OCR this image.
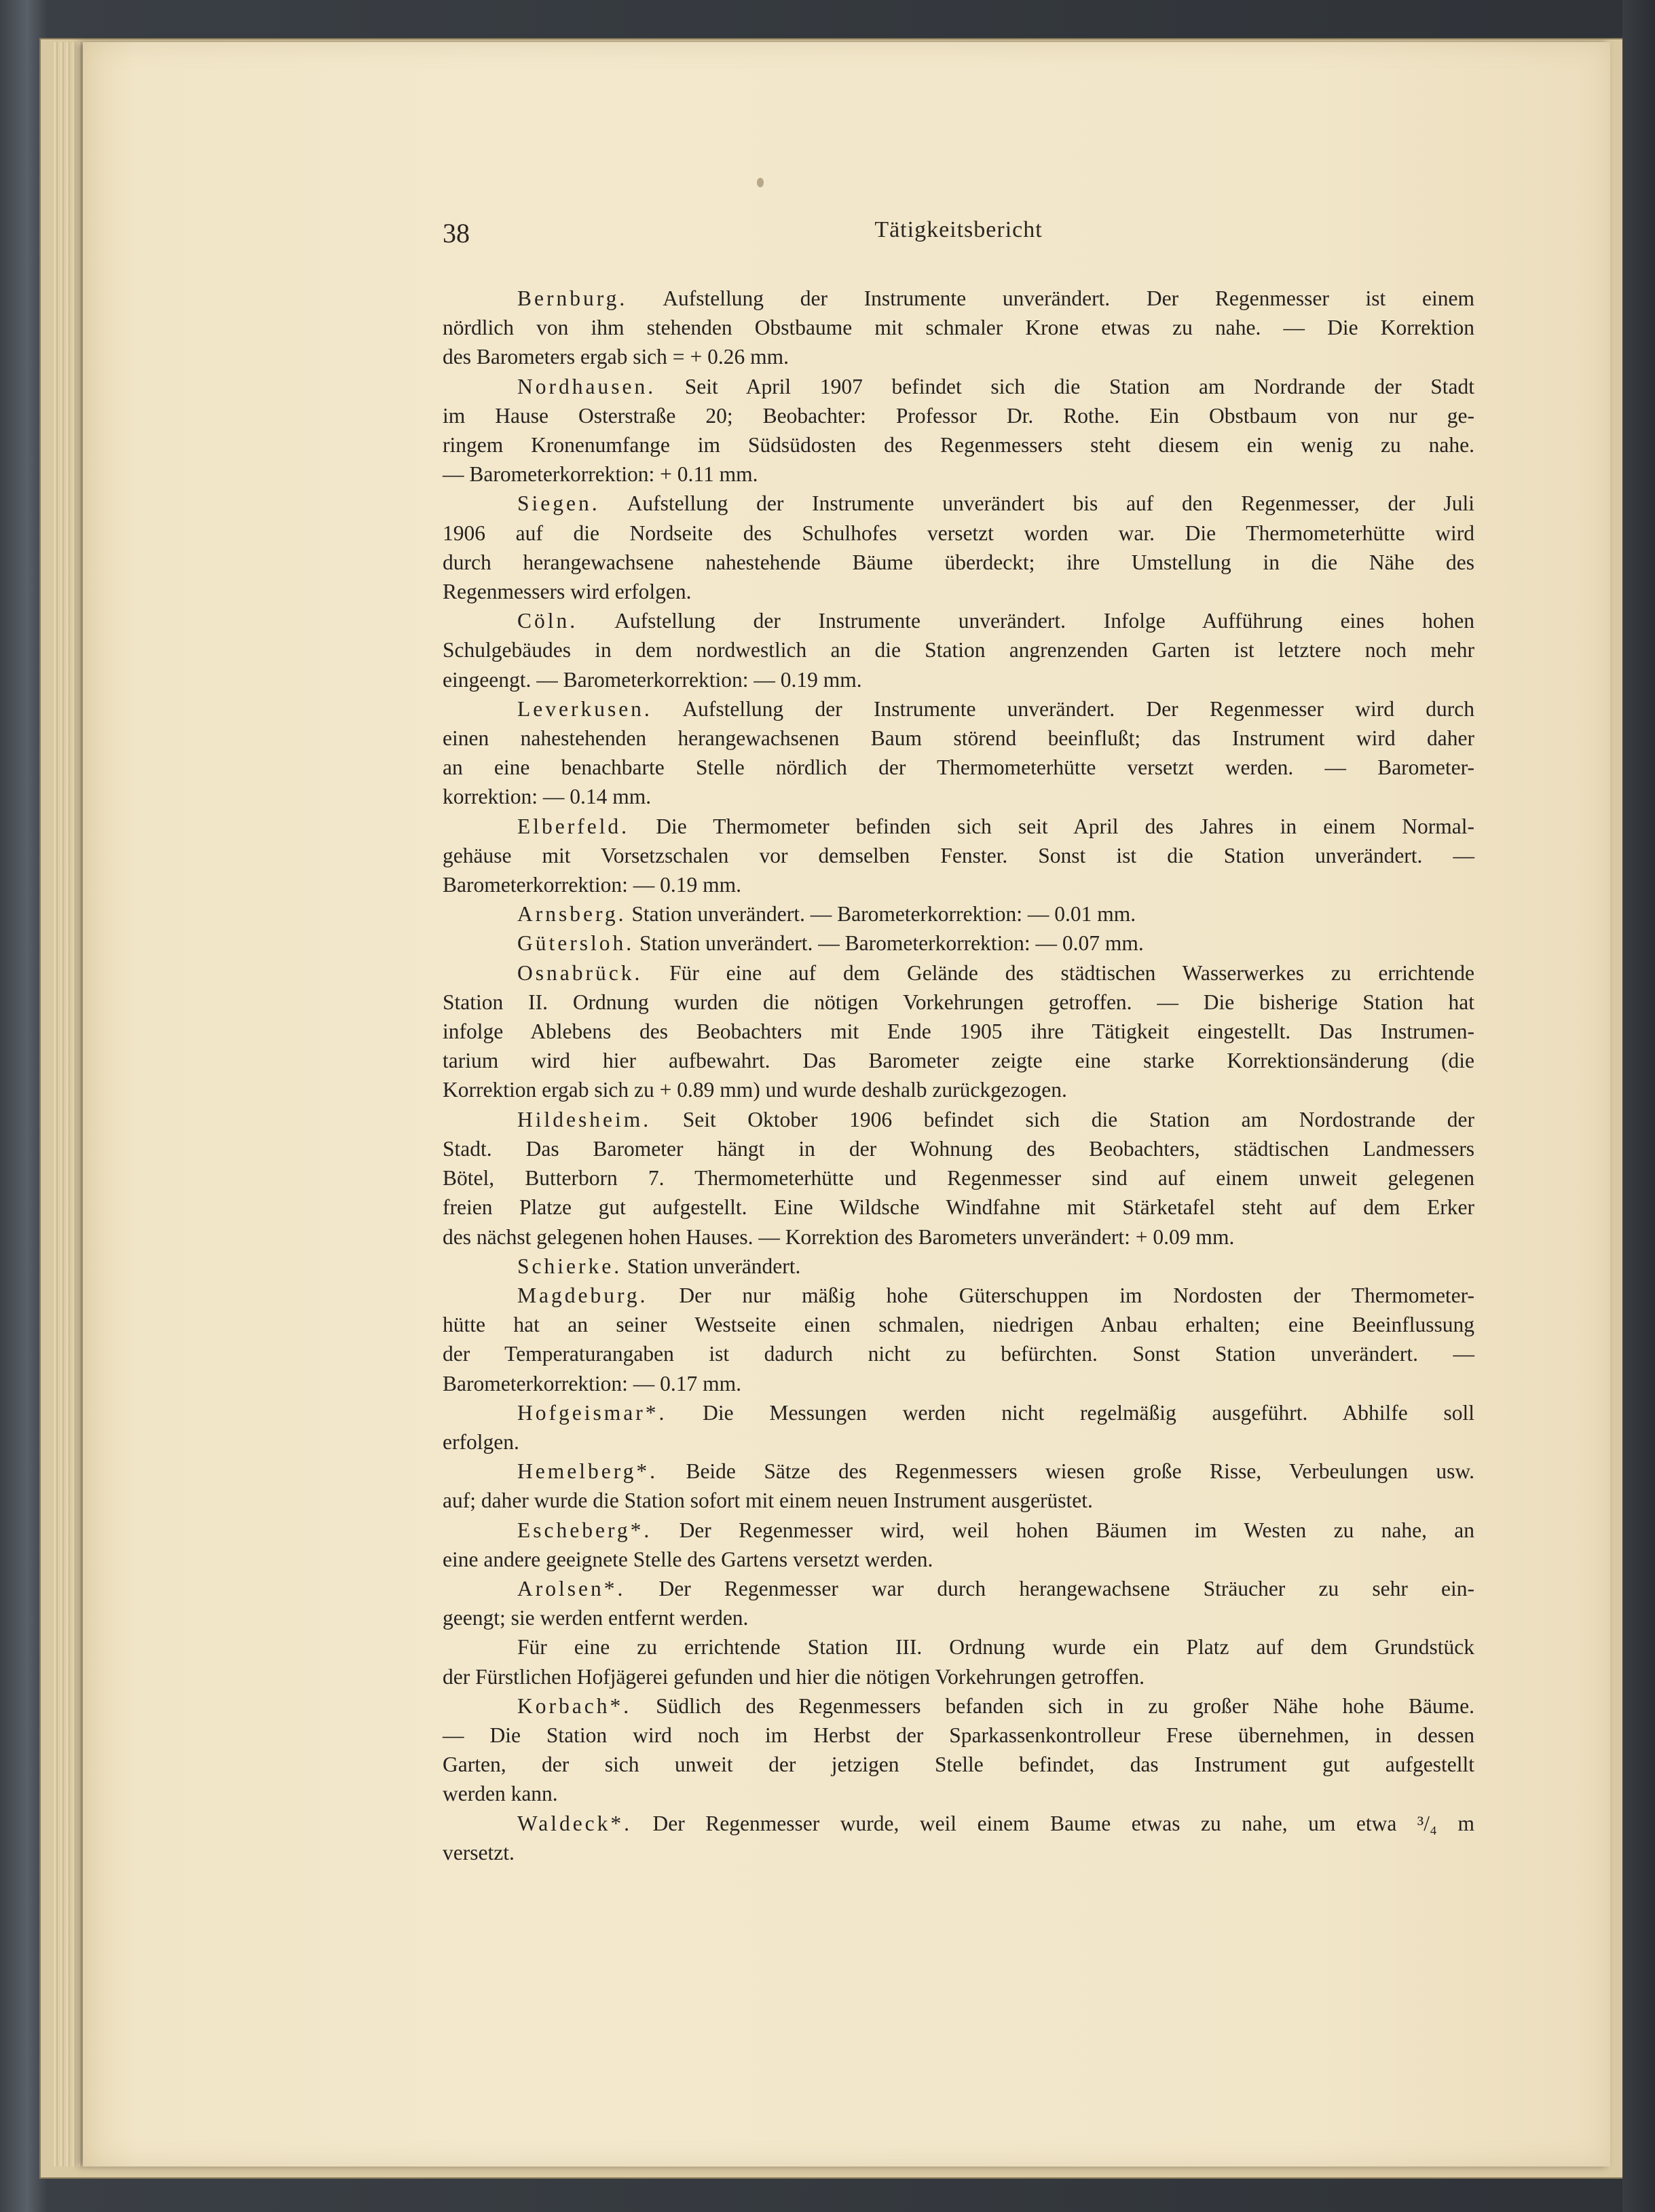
38	Tätigkeitsbericht

Bernburg. Aufstellung der Instrumente unverändert. Der Regenmesser ist einem

nördlich von ihm stehenden Obstbaume mit schmaler Krone etwas zu nahe. — Die Korrektion

des Barometers ergab sich = + 0.26 mm.

Nordhausen. Seit April 1907 befindet sich die Station am Nordrande der Stadt

im Hause Osterstraße 20; Beobachter: Professor Dr. Rothe. Ein Obstbaum von nur ge-

ringem Kronenumfange im Südsüdosten des Regenmessers steht diesem ein wenig zu nahe.

— Barometerkorrektion: + 0.11 mm.

Siegen. Aufstellung der Instrumente unverändert bis auf den Regenmesser, der Juli

1906 auf die Nordseite des Schulhofes versetzt worden war. Die Thermometerhütte wird

durch herangewachsene nahestehende Bäume überdeckt; ihre Umstellung in die Nähe des

Regenmessers wird erfolgen.

Cöln. Aufstellung der Instrumente unverändert. Infolge Aufführung eines hohen

Schulgebäudes in dem nordwestlich an die Station angrenzenden Garten ist letztere noch mehr

eingeengt. — Barometerkorrektion: — 0.19 mm.

Leverkusen. Aufstellung der Instrumente unverändert. Der Regenmesser wird durch

einen nahestehenden herangewachsenen Baum störend beeinflußt; das Instrument wird daher

an eine benachbarte Stelle nördlich der Thermometerhütte versetzt werden. — Barometer-

korrektion: — 0.14 mm.

Elberfeld. Die Thermometer befinden sich seit April des Jahres in einem Normal-

gehäuse mit Vorsetzschalen vor demselben Fenster. Sonst ist die Station unverändert. —

Barometerkorrektion: — 0.19 mm.

Arnsberg. Station unverändert. — Barometerkorrektion: — 0.01 mm.

Gütersloh. Station unverändert. — Barometerkorrektion: — 0.07 mm.

Osnabrück. Für eine auf dem Gelände des städtischen Wasserwerkes zu errichtende

Station II. Ordnung wurden die nötigen Vorkehrungen getroffen. — Die bisherige Station hat

infolge Ablebens des Beobachters mit Ende 1905 ihre Tätigkeit eingestellt. Das Instrumen-

tarium wird hier aufbewahrt. Das Barometer zeigte eine starke Korrektionsänderung (die

Korrektion ergab sich zu + 0.89 mm) und wurde deshalb zurückgezogen.

Hildesheim. Seit Oktober 1906 befindet sich die Station am Nordostrande der

Stadt. Das Barometer hängt in der Wohnung des Beobachters, städtischen Landmessers

Bötel, Butterborn 7. Thermometerhütte und Regenmesser sind auf einem unweit gelegenen

freien Platze gut aufgestellt. Eine Wildsche Windfahne mit Stärketafel steht auf dem Erker

des nächst gelegenen hohen Hauses. — Korrektion des Barometers unverändert: + 0.09 mm.

Schierke. Station unverändert.

Magdeburg. Der nur mäßig hohe Güterschuppen im Nordosten der Thermometer-

hütte hat an seiner Westseite einen schmalen, niedrigen Anbau erhalten; eine Beeinflussung

der Temperaturangaben ist dadurch nicht zu befürchten. Sonst Station unverändert. —

Barometerkorrektion: — 0.17 mm.

Hofgeismar*. Die Messungen werden nicht regelmäßig ausgeführt. Abhilfe soll

erfolgen.

Hemelberg*. Beide Sätze des Regenmessers wiesen große Risse, Verbeulungen usw.

auf; daher wurde die Station sofort mit einem neuen Instrument ausgerüstet.

Escheberg*. Der Regenmesser wird, weil hohen Bäumen im Westen zu nahe, an

eine andere geeignete Stelle des Gartens versetzt werden.

Arolsen*. Der Regenmesser war durch herangewachsene Sträucher zu sehr ein-

geengt; sie werden entfernt werden.

Für eine zu errichtende Station III. Ordnung wurde ein Platz auf dem Grundstück

der Fürstlichen Hofjägerei gefunden und hier die nötigen Vorkehrungen getroffen.

Korbach*. Südlich des Regenmessers befanden sich in zu großer Nähe hohe Bäume.

— Die Station wird noch im Herbst der Sparkassenkontrolleur Frese übernehmen, in dessen

Garten, der sich unweit der jetzigen Stelle befindet, das Instrument gut aufgestellt

werden kann.

Waldeck*. Der Regenmesser wurde, weil einem Baume etwas zu nahe, um etwa ³/₄ m

versetzt.
